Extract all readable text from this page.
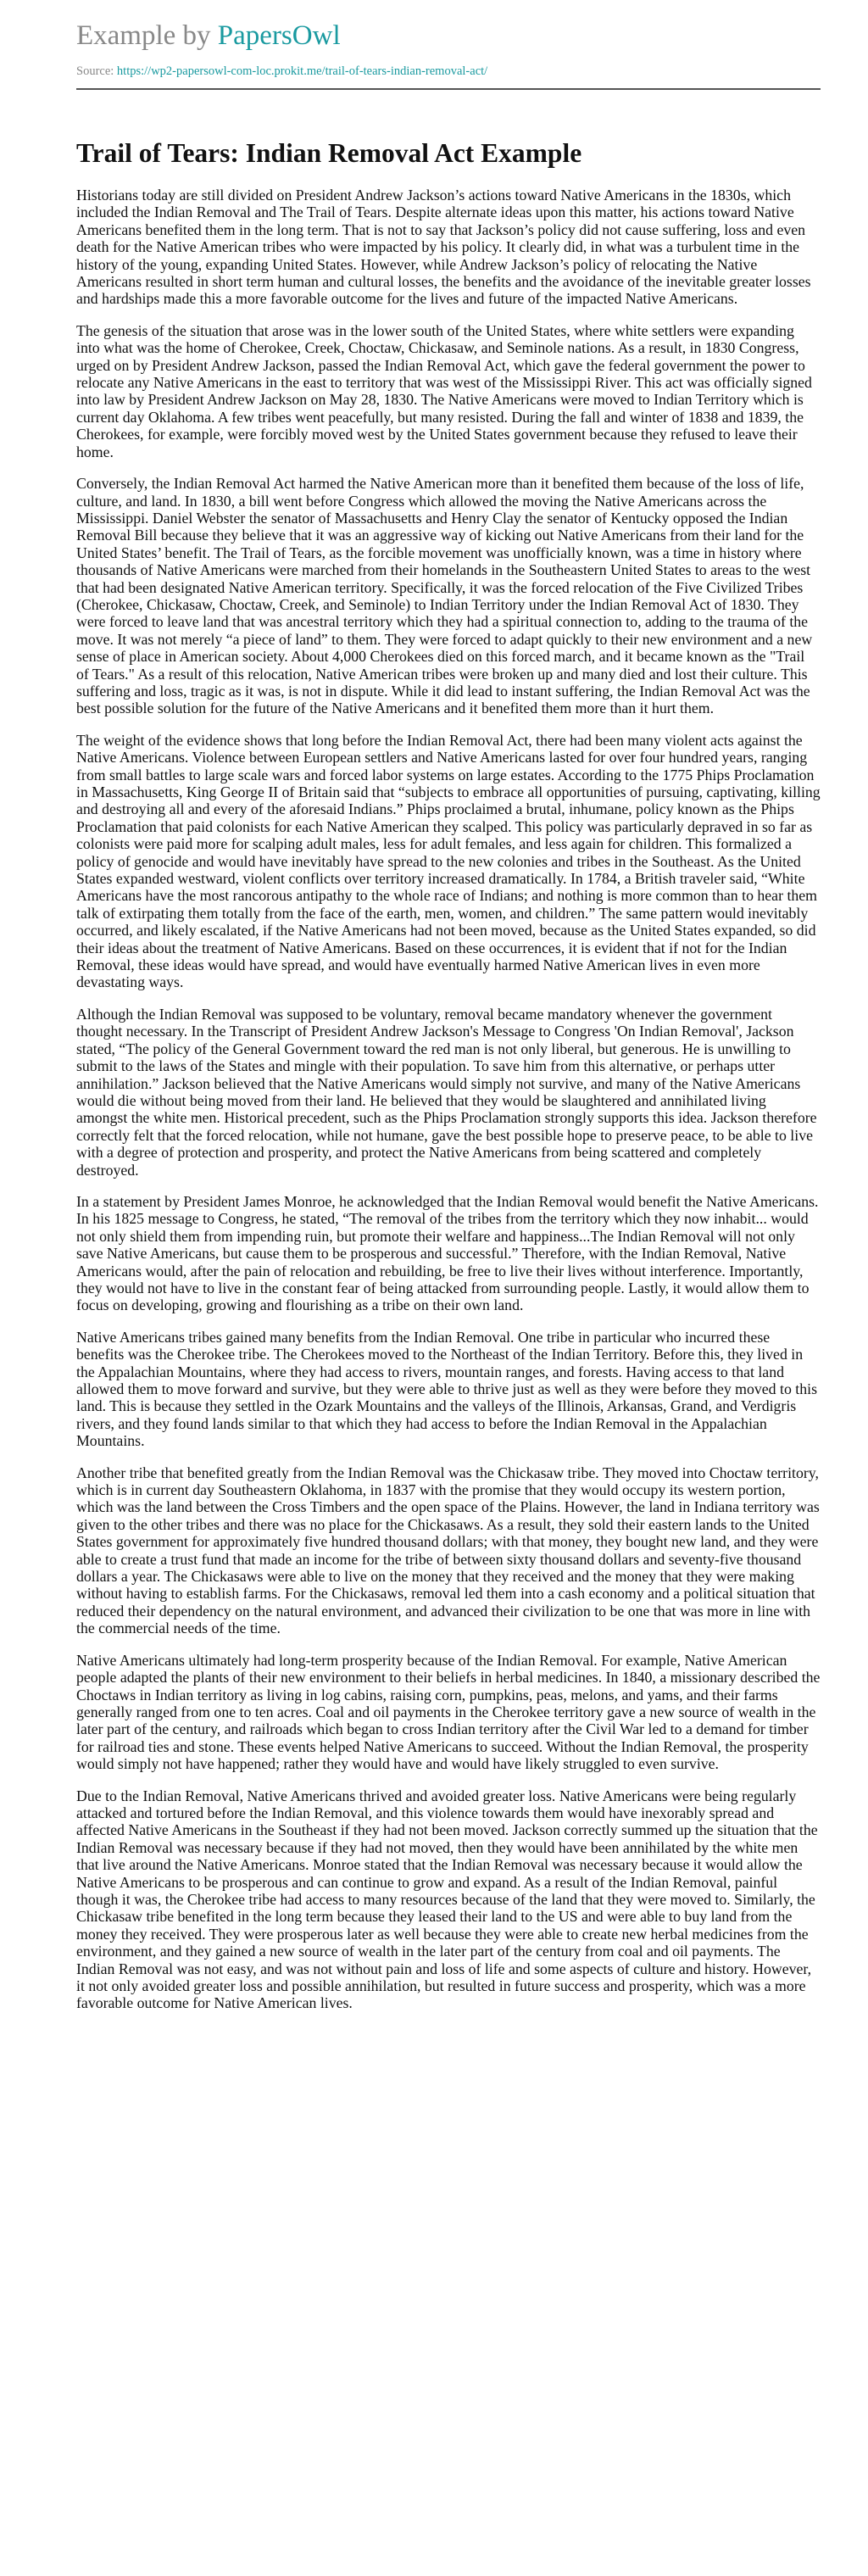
Example by PapersOwl

Source: https://wp2-papersowl-com-loc.prokit.me/trail-of-tears-indian-removal-act/

Trail of Tears: Indian Removal Act Example

Historians today are still divided on President Andrew Jackson’s actions toward Native Americans in the 1830s, which included the Indian Removal and The Trail of Tears. Despite alternate ideas upon this matter, his actions toward Native Americans benefited them in the long term. That is not to say that Jackson’s policy did not cause suffering, loss and even death for the Native American tribes who were impacted by his policy. It clearly did, in what was a turbulent time in the history of the young, expanding United States. However, while Andrew Jackson’s policy of relocating the Native Americans resulted in short term human and cultural losses, the benefits and the avoidance of the inevitable greater losses and hardships made this a more favorable outcome for the lives and future of the impacted Native Americans.

The genesis of the situation that arose was in the lower south of the United States, where white settlers were expanding into what was the home of Cherokee, Creek, Choctaw, Chickasaw, and Seminole nations. As a result, in 1830 Congress, urged on by President Andrew Jackson, passed the Indian Removal Act, which gave the federal government the power to relocate any Native Americans in the east to territory that was west of the Mississippi River. This act was officially signed into law by President Andrew Jackson on May 28, 1830. The Native Americans were moved to Indian Territory which is current day Oklahoma. A few tribes went peacefully, but many resisted. During the fall and winter of 1838 and 1839, the Cherokees, for example, were forcibly moved west by the United States government because they refused to leave their home.

Conversely, the Indian Removal Act harmed the Native American more than it benefited them because of the loss of life, culture, and land. In 1830, a bill went before Congress which allowed the moving the Native Americans across the Mississippi. Daniel Webster the senator of Massachusetts and Henry Clay the senator of Kentucky opposed the Indian Removal Bill because they believe that it was an aggressive way of kicking out Native Americans from their land for the United States’ benefit. The Trail of Tears, as the forcible movement was unofficially known, was a time in history where thousands of Native Americans were marched from their homelands in the Southeastern United States to areas to the west that had been designated Native American territory. Specifically, it was the forced relocation of the Five Civilized Tribes (Cherokee, Chickasaw, Choctaw, Creek, and Seminole) to Indian Territory under the Indian Removal Act of 1830. They were forced to leave land that was ancestral territory which they had a spiritual connection to, adding to the trauma of the move. It was not merely “a piece of land” to them. They were forced to adapt quickly to their new environment and a new sense of place in American society. About 4,000 Cherokees died on this forced march, and it became known as the "Trail of Tears." As a result of this relocation, Native American tribes were broken up and many died and lost their culture. This suffering and loss, tragic as it was, is not in dispute. While it did lead to instant suffering, the Indian Removal Act was the best possible solution for the future of the Native Americans and it benefited them more than it hurt them.

The weight of the evidence shows that long before the Indian Removal Act, there had been many violent acts against the Native Americans. Violence between European settlers and Native Americans lasted for over four hundred years, ranging from small battles to large scale wars and forced labor systems on large estates. According to the 1775 Phips Proclamation in Massachusetts, King George II of Britain said that “subjects to embrace all opportunities of pursuing, captivating, killing and destroying all and every of the aforesaid Indians.” Phips proclaimed a brutal, inhumane, policy known as the Phips Proclamation that paid colonists for each Native American they scalped. This policy was particularly depraved in so far as colonists were paid more for scalping adult males, less for adult females, and less again for children. This formalized a policy of genocide and would have inevitably have spread to the new colonies and tribes in the Southeast. As the United States expanded westward, violent conflicts over territory increased dramatically. In 1784, a British traveler said, “White Americans have the most rancorous antipathy to the whole race of Indians; and nothing is more common than to hear them talk of extirpating them totally from the face of the earth, men, women, and children.” The same pattern would inevitably occurred, and likely escalated, if the Native Americans had not been moved, because as the United States expanded, so did their ideas about the treatment of Native Americans. Based on these occurrences, it is evident that if not for the Indian Removal, these ideas would have spread, and would have eventually harmed Native American lives in even more devastating ways.

Although the Indian Removal was supposed to be voluntary, removal became mandatory whenever the government thought necessary. In the Transcript of President Andrew Jackson's Message to Congress 'On Indian Removal', Jackson stated, “The policy of the General Government toward the red man is not only liberal, but generous. He is unwilling to submit to the laws of the States and mingle with their population. To save him from this alternative, or perhaps utter annihilation.” Jackson believed that the Native Americans would simply not survive, and many of the Native Americans would die without being moved from their land. He believed that they would be slaughtered and annihilated living amongst the white men. Historical precedent, such as the Phips Proclamation strongly supports this idea. Jackson therefore correctly felt that the forced relocation, while not humane, gave the best possible hope to preserve peace, to be able to live with a degree of protection and prosperity, and protect the Native Americans from being scattered and completely destroyed.

In a statement by President James Monroe, he acknowledged that the Indian Removal would benefit the Native Americans. In his 1825 message to Congress, he stated, “The removal of the tribes from the territory which they now inhabit... would not only shield them from impending ruin, but promote their welfare and happiness...The Indian Removal will not only save Native Americans, but cause them to be prosperous and successful.” Therefore, with the Indian Removal, Native Americans would, after the pain of relocation and rebuilding, be free to live their lives without interference. Importantly, they would not have to live in the constant fear of being attacked from surrounding people. Lastly, it would allow them to focus on developing, growing and flourishing as a tribe on their own land.

Native Americans tribes gained many benefits from the Indian Removal. One tribe in particular who incurred these benefits was the Cherokee tribe. The Cherokees moved to the Northeast of the Indian Territory. Before this, they lived in the Appalachian Mountains, where they had access to rivers, mountain ranges, and forests. Having access to that land allowed them to move forward and survive, but they were able to thrive just as well as they were before they moved to this land. This is because they settled in the Ozark Mountains and the valleys of the Illinois, Arkansas, Grand, and Verdigris rivers, and they found lands similar to that which they had access to before the Indian Removal in the Appalachian Mountains.

Another tribe that benefited greatly from the Indian Removal was the Chickasaw tribe. They moved into Choctaw territory, which is in current day Southeastern Oklahoma, in 1837 with the promise that they would occupy its western portion, which was the land between the Cross Timbers and the open space of the Plains. However, the land in Indiana territory was given to the other tribes and there was no place for the Chickasaws. As a result, they sold their eastern lands to the United States government for approximately five hundred thousand dollars; with that money, they bought new land, and they were able to create a trust fund that made an income for the tribe of between sixty thousand dollars and seventy-five thousand dollars a year. The Chickasaws were able to live on the money that they received and the money that they were making without having to establish farms. For the Chickasaws, removal led them into a cash economy and a political situation that reduced their dependency on the natural environment, and advanced their civilization to be one that was more in line with the commercial needs of the time.

Native Americans ultimately had long-term prosperity because of the Indian Removal. For example, Native American people adapted the plants of their new environment to their beliefs in herbal medicines. In 1840, a missionary described the Choctaws in Indian territory as living in log cabins, raising corn, pumpkins, peas, melons, and yams, and their farms generally ranged from one to ten acres. Coal and oil payments in the Cherokee territory gave a new source of wealth in the later part of the century, and railroads which began to cross Indian territory after the Civil War led to a demand for timber for railroad ties and stone. These events helped Native Americans to succeed. Without the Indian Removal, the prosperity would simply not have happened; rather they would have and would have likely struggled to even survive.

Due to the Indian Removal, Native Americans thrived and avoided greater loss. Native Americans were being regularly attacked and tortured before the Indian Removal, and this violence towards them would have inexorably spread and affected Native Americans in the Southeast if they had not been moved. Jackson correctly summed up the situation that the Indian Removal was necessary because if they had not moved, then they would have been annihilated by the white men that live around the Native Americans. Monroe stated that the Indian Removal was necessary because it would allow the Native Americans to be prosperous and can continue to grow and expand. As a result of the Indian Removal, painful though it was, the Cherokee tribe had access to many resources because of the land that they were moved to. Similarly, the Chickasaw tribe benefited in the long term because they leased their land to the US and were able to buy land from the money they received. They were prosperous later as well because they were able to create new herbal medicines from the environment, and they gained a new source of wealth in the later part of the century from coal and oil payments. The Indian Removal was not easy, and was not without pain and loss of life and some aspects of culture and history. However, it not only avoided greater loss and possible annihilation, but resulted in future success and prosperity, which was a more favorable outcome for Native American lives.
